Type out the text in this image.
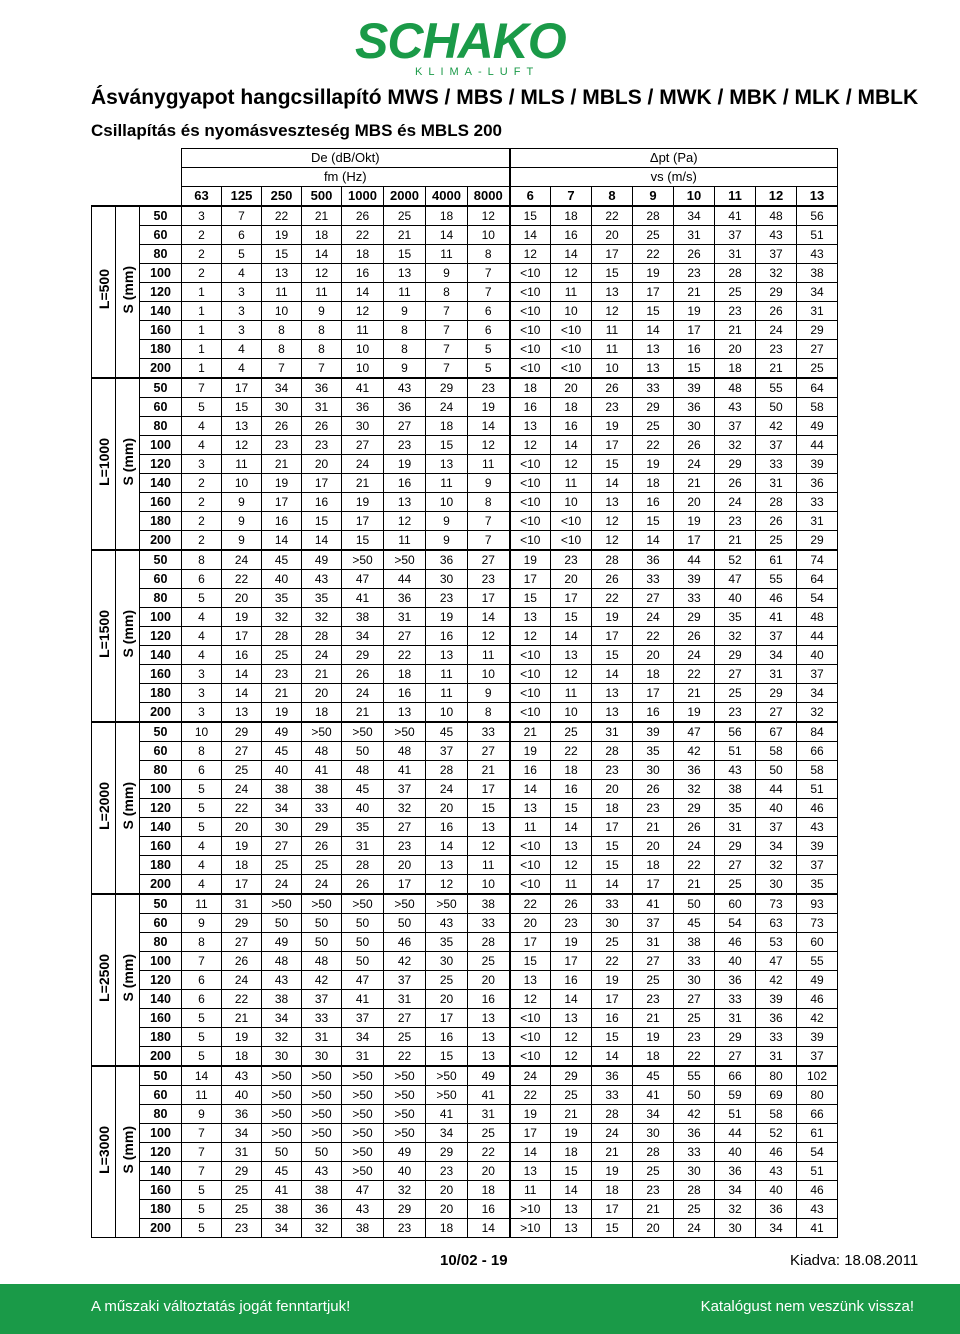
SCHAKO
KLIMA-LUFT
Ásványgyapot hangcsillapító MWS / MBS / MLS / MBLS / MWK / MBK / MLK / MBLK
Csillapítás és nyomásveszteség MBS és MBLS 200
			De (dB/Okt)								Δpt (Pa)							
			fm (Hz)								vs (m/s)							
			63	125	250	500	1000	2000	4000	8000	6	7	8	9	10	11	12	13
L=500	S (mm)	50	3	7	22	21	26	25	18	12	15	18	22	28	34	41	48	56
		60	2	6	19	18	22	21	14	10	14	16	20	25	31	37	43	51
		80	2	5	15	14	18	15	11	8	12	14	17	22	26	31	37	43
		100	2	4	13	12	16	13	9	7	<10	12	15	19	23	28	32	38
		120	1	3	11	11	14	11	8	7	<10	11	13	17	21	25	29	34
		140	1	3	10	9	12	9	7	6	<10	10	12	15	19	23	26	31
		160	1	3	8	8	11	8	7	6	<10	<10	11	14	17	21	24	29
		180	1	4	8	8	10	8	7	5	<10	<10	11	13	16	20	23	27
		200	1	4	7	7	10	9	7	5	<10	<10	10	13	15	18	21	25
L=1000	S (mm)	50	7	17	34	36	41	43	29	23	18	20	26	33	39	48	55	64
		60	5	15	30	31	36	36	24	19	16	18	23	29	36	43	50	58
		80	4	13	26	26	30	27	18	14	13	16	19	25	30	37	42	49
		100	4	12	23	23	27	23	15	12	12	14	17	22	26	32	37	44
		120	3	11	21	20	24	19	13	11	<10	12	15	19	24	29	33	39
		140	2	10	19	17	21	16	11	9	<10	11	14	18	21	26	31	36
		160	2	9	17	16	19	13	10	8	<10	10	13	16	20	24	28	33
		180	2	9	16	15	17	12	9	7	<10	<10	12	15	19	23	26	31
		200	2	9	14	14	15	11	9	7	<10	<10	12	14	17	21	25	29
L=1500	S (mm)	50	8	24	45	49	>50	>50	36	27	19	23	28	36	44	52	61	74
		60	6	22	40	43	47	44	30	23	17	20	26	33	39	47	55	64
		80	5	20	35	35	41	36	23	17	15	17	22	27	33	40	46	54
		100	4	19	32	32	38	31	19	14	13	15	19	24	29	35	41	48
		120	4	17	28	28	34	27	16	12	12	14	17	22	26	32	37	44
		140	4	16	25	24	29	22	13	11	<10	13	15	20	24	29	34	40
		160	3	14	23	21	26	18	11	10	<10	12	14	18	22	27	31	37
		180	3	14	21	20	24	16	11	9	<10	11	13	17	21	25	29	34
		200	3	13	19	18	21	13	10	8	<10	10	13	16	19	23	27	32
L=2000	S (mm)	50	10	29	49	>50	>50	>50	45	33	21	25	31	39	47	56	67	84
		60	8	27	45	48	50	48	37	27	19	22	28	35	42	51	58	66
		80	6	25	40	41	48	41	28	21	16	18	23	30	36	43	50	58
		100	5	24	38	38	45	37	24	17	14	16	20	26	32	38	44	51
		120	5	22	34	33	40	32	20	15	13	15	18	23	29	35	40	46
		140	5	20	30	29	35	27	16	13	11	14	17	21	26	31	37	43
		160	4	19	27	26	31	23	14	12	<10	13	15	20	24	29	34	39
		180	4	18	25	25	28	20	13	11	<10	12	15	18	22	27	32	37
		200	4	17	24	24	26	17	12	10	<10	11	14	17	21	25	30	35
L=2500	S (mm)	50	11	31	>50	>50	>50	>50	>50	38	22	26	33	41	50	60	73	93
		60	9	29	50	50	50	50	43	33	20	23	30	37	45	54	63	73
		80	8	27	49	50	50	46	35	28	17	19	25	31	38	46	53	60
		100	7	26	48	48	50	42	30	25	15	17	22	27	33	40	47	55
		120	6	24	43	42	47	37	25	20	13	16	19	25	30	36	42	49
		140	6	22	38	37	41	31	20	16	12	14	17	23	27	33	39	46
		160	5	21	34	33	37	27	17	13	<10	13	16	21	25	31	36	42
		180	5	19	32	31	34	25	16	13	<10	12	15	19	23	29	33	39
		200	5	18	30	30	31	22	15	13	<10	12	14	18	22	27	31	37
L=3000	S (mm)	50	14	43	>50	>50	>50	>50	>50	49	24	29	36	45	55	66	80	102
		60	11	40	>50	>50	>50	>50	>50	41	22	25	33	41	50	59	69	80
		80	9	36	>50	>50	>50	>50	41	31	19	21	28	34	42	51	58	66
		100	7	34	>50	>50	>50	>50	34	25	17	19	24	30	36	44	52	61
		120	7	31	50	50	>50	49	29	22	14	18	21	28	33	40	46	54
		140	7	29	45	43	>50	40	23	20	13	15	19	25	30	36	43	51
		160	5	25	41	38	47	32	20	18	11	14	18	23	28	34	40	46
		180	5	25	38	36	43	29	20	16	>10	13	17	21	25	32	36	43
		200	5	23	34	32	38	23	18	14	>10	13	15	20	24	30	34	41
10/02 - 19	Kiadva: 18.08.2011
A műszaki változtatás jogát fenntartjuk!	Katalógust nem veszünk vissza!
